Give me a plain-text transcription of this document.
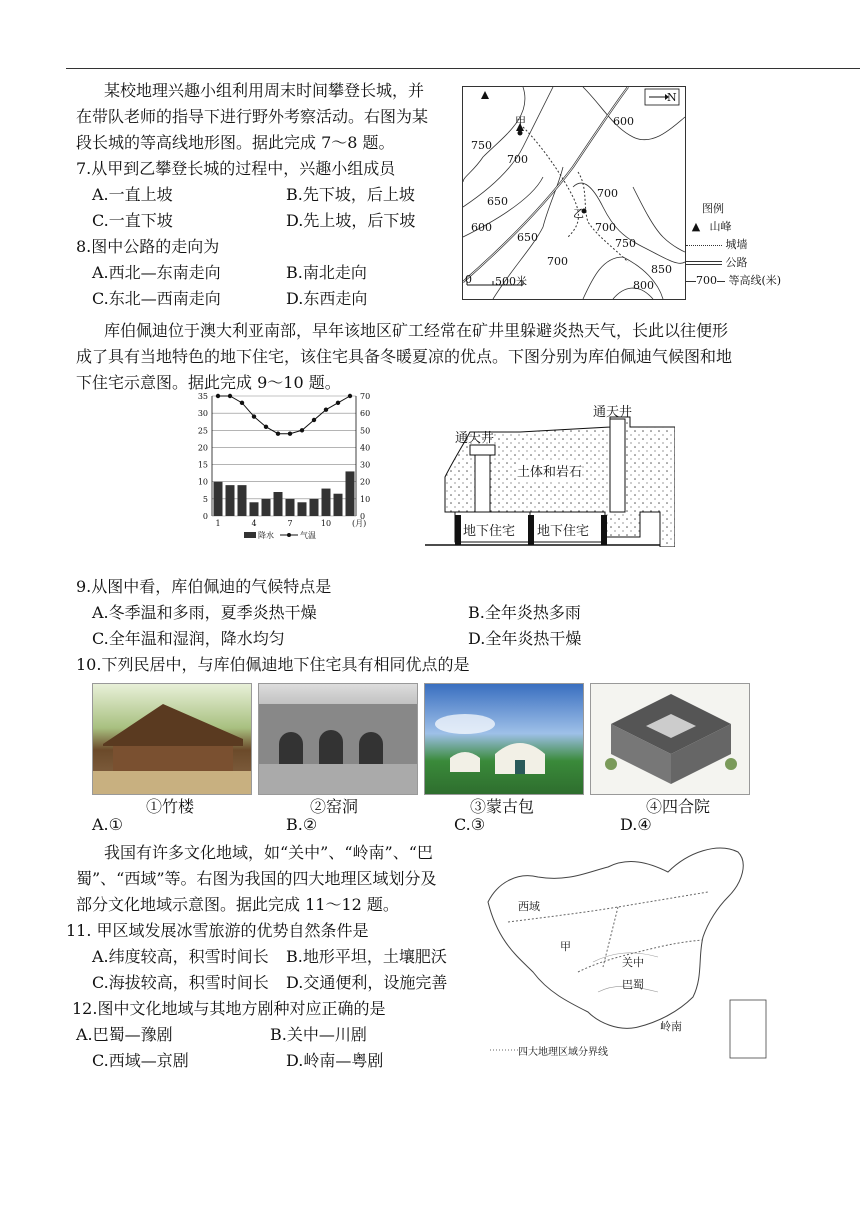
某校地理兴趣小组利用周末时间攀登长城，并
在带队老师的指导下进行野外考察活动。右图为某
段长城的等高线地形图。据此完成 7～8 题。
7.从甲到乙攀登长城的过程中，兴趣小组成员
A.一直上坡	B.先下坡，后上坡
C.一直下坡	D.先上坡，后下坡
8.图中公路的走向为
A.西北—东南走向	B.南北走向
C.东北—西南走向	D.东西走向
N
甲
乙
0 500米
600
750
700
650
600
650
700
700
750
700
850
800
图例
▲ 山峰
城墙
公路
700 等高线(米)
库伯佩迪位于澳大利亚南部，早年该地区矿工经常在矿井里躲避炎热天气，长此以往便形
成了具有当地特色的地下住宅，该住宅具备冬暖夏凉的优点。下图分别为库伯佩迪气候图和地
下住宅示意图。据此完成 9～10 题。
35	70
30	60
25	50
20	40
15	30
10	20
5	10
0	0
1	4	7	10	(月)
降水	气温
通天井
通天井
土体和岩石
地下住宅 地下住宅
9.从图中看，库伯佩迪的气候特点是
A.冬季温和多雨，夏季炎热干燥	B.全年炎热多雨
C.全年温和湿润，降水均匀	D.全年炎热干燥
10.下列民居中，与库伯佩迪地下住宅具有相同优点的是
①竹楼	②窑洞	③蒙古包	④四合院
A.①	B.②	C.③	D.④
我国有许多文化地域，如“关中”、“岭南”、“巴
蜀”、“西域”等。右图为我国的四大地理区域划分及
部分文化地域示意图。据此完成 11～12 题。
11. 甲区域发展冰雪旅游的优势自然条件是
A.纬度较高，积雪时间长 B.地形平坦，土壤肥沃
C.海拔较高，积雪时间长 D.交通便利，设施完善
12.图中文化地域与其地方剧种对应正确的是
A.巴蜀—豫剧	B.关中—川剧
C.西域—京剧	D.岭南—粤剧
西域
甲
关中
巴蜀
岭南
四大地理区域分界线
